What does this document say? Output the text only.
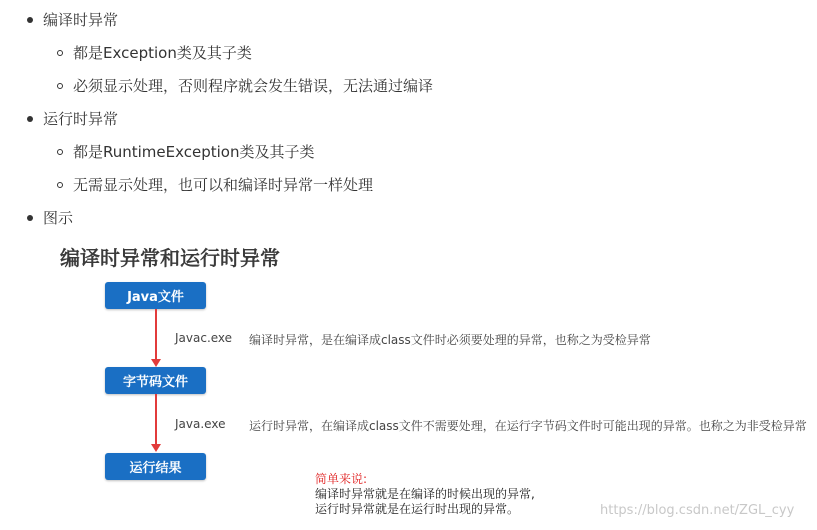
编译时异常
都是Exception类及其子类
必须显示处理，否则程序就会发生错误，无法通过编译
运行时异常
都是RuntimeException类及其子类
无需显示处理，也可以和编译时异常一样处理
图示
编译时异常和运行时异常
Java文件
Javac.exe 编译时异常，是在编译成class文件时必须要处理的异常，也称之为受检异常
字节码文件
Java.exe 运行时异常，在编译成class文件不需要处理，在运行字节码文件时可能出现的异常。也称之为非受检异常
运行结果
简单来说:
编译时异常就是在编译的时候出现的异常,
运行时异常就是在运行时出现的异常。	https://blog.csdn.net/ZGL_cyy
